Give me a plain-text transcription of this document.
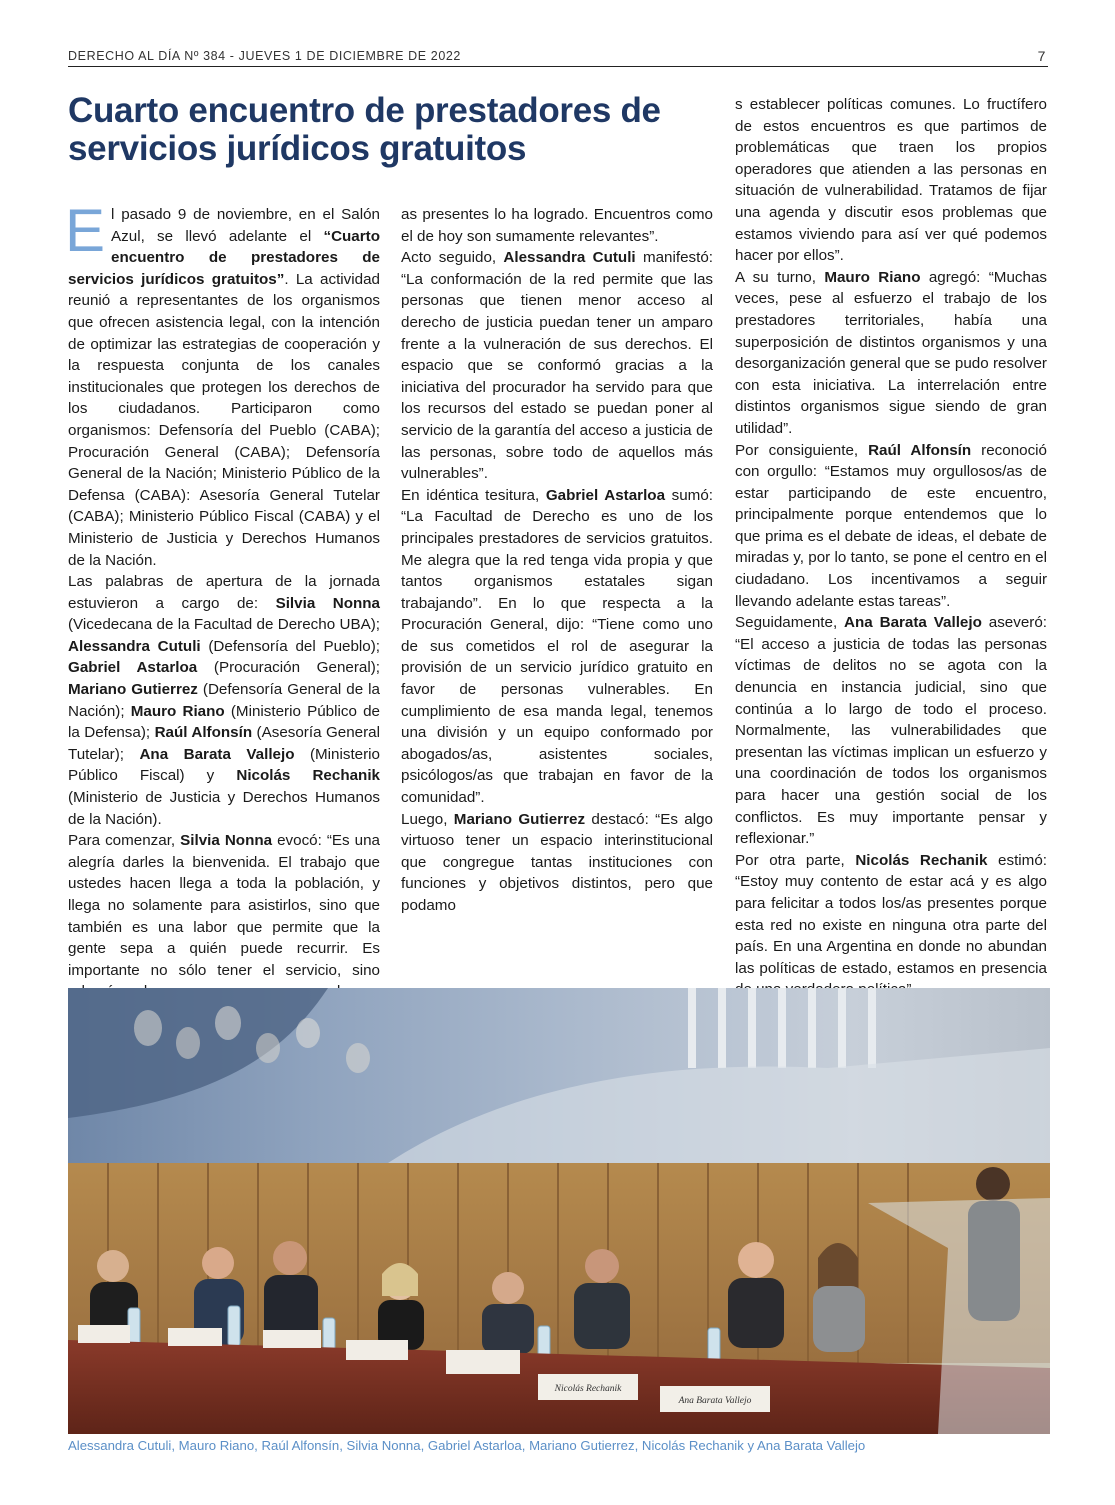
DERECHO AL DÍA Nº 384 - JUEVES 1 DE DICIEMBRE DE 2022	7
Cuarto encuentro de prestadores de servicios jurídicos gratuitos

El pasado 9 de noviembre, en el Salón Azul, se llevó adelante el “Cuarto encuentro de prestadores de servicios jurídicos gratuitos”. La actividad reunió a representantes de los organismos que ofrecen asistencia legal, con la intención de optimizar las estrategias de cooperación y la respuesta conjunta de los canales institucionales que protegen los derechos de los ciudadanos. Participaron como organismos: Defensoría del Pueblo (CABA); Procuración General (CABA); Defensoría General de la Nación; Ministerio Público de la Defensa (CABA): Asesoría General Tutelar (CABA); Ministerio Público Fiscal (CABA) y el Ministerio de Justicia y Derechos Humanos de la Nación.

Las palabras de apertura de la jornada estuvieron a cargo de: Silvia Nonna (Vicedecana de la Facultad de Derecho UBA); Alessandra Cutuli (Defensoría del Pueblo); Gabriel Astarloa (Procuración General); Mariano Gutierrez (Defensoría General de la Nación); Mauro Riano (Ministerio Público de la Defensa); Raúl Alfonsín (Asesoría General Tutelar); Ana Barata Vallejo (Ministerio Público Fiscal) y Nicolás Rechanik (Ministerio de Justicia y Derechos Humanos de la Nación).

Para comenzar, Silvia Nonna evocó: “Es una alegría darles la bienvenida. El trabajo que ustedes hacen llega a toda la población, y llega no solamente para asistirlos, sino que también es una labor que permite que la gente sepa a quién puede recurrir. Es importante no sólo tener el servicio, sino

as presentes lo ha logrado. Encuentros como el de hoy son sumamente relevantes”.

Acto seguido, Alessandra Cutuli manifestó: “La conformación de la red permite que las personas que tienen menor acceso al derecho de justicia puedan tener un amparo frente a la vulneración de sus derechos. El espacio que se conformó gracias a la iniciativa del procurador ha servido para que los recursos del estado se puedan poner al servicio de la garantía del acceso a justicia de las personas, sobre todo de aquellos más vulnerables”.

En idéntica tesitura, Gabriel Astarloa sumó: “La Facultad de Derecho es uno de los principales prestadores de servicios gratuitos. Me alegra que la red tenga vida propia y que tantos organismos estatales sigan trabajando”. En lo que respecta a la Procuración General, dijo: “Tiene como uno de sus cometidos el rol de asegurar la provisión de un servicio jurídico gratuito en favor de personas vulnerables. En cumplimiento de esa manda legal, tenemos una división y un equipo conformado por abogados/as, asistentes sociales, psicólogos/as que trabajan en favor de la comunidad”.

Luego, Mariano Gutierrez destacó: “Es algo virtuoso tener un espacio interinstitucional que congregue tantas instituciones con funciones y objetivos distintos, pero que podamo

s establecer políticas comunes. Lo fructífero de estos encuentros es que partimos de problemáticas que traen los propios operadores que atienden a las personas en situación de vulnerabilidad. Tratamos de fijar una agenda y discutir esos problemas que estamos viviendo para así ver qué podemos hacer por ellos”.

A su turno, Mauro Riano agregó: “Muchas veces, pese al esfuerzo el trabajo de los prestadores territoriales, había una superposición de distintos organismos y una desorganización general que se pudo resolver con esta iniciativa. La interrelación entre distintos organismos sigue siendo de gran utilidad”.

Por consiguiente, Raúl Alfonsín reconoció con orgullo: “Estamos muy orgullosos/as de estar participando de este encuentro, principalmente porque entendemos que lo que prima es el debate de ideas, el debate de miradas y, por lo tanto, se pone el centro en el ciudadano. Los incentivamos a seguir llevando adelante estas tareas”.

Seguidamente, Ana Barata Vallejo aseveró: “El acceso a justicia de todas las personas víctimas de delitos no se agota con la denuncia en instancia judicial, sino que continúa a lo largo de todo el proceso. Normalmente, las vulnerabilidades que presentan las víctimas implican un esfuerzo y una coordinación de todos los organismos para hacer una gestión social de los conflictos. Es muy importante pensar y reflexionar.”

Por otra parte, Nicolás Rechanik estimó: “Estoy muy contento de estar acá y es algo para felicitar a todos los/as presentes porque esta red no existe en ninguna otra parte del país. En una Argentina en donde no abundan las políticas de estado, estamos en presencia

Nicolás Rechanik
Ana Barata Vallejo

Alessandra Cutuli, Mauro Riano, Raúl Alfonsín, Silvia Nonna, Gabriel Astarloa, Mariano Gutierrez, Nicolás Rechanik y Ana Barata Vallejo
